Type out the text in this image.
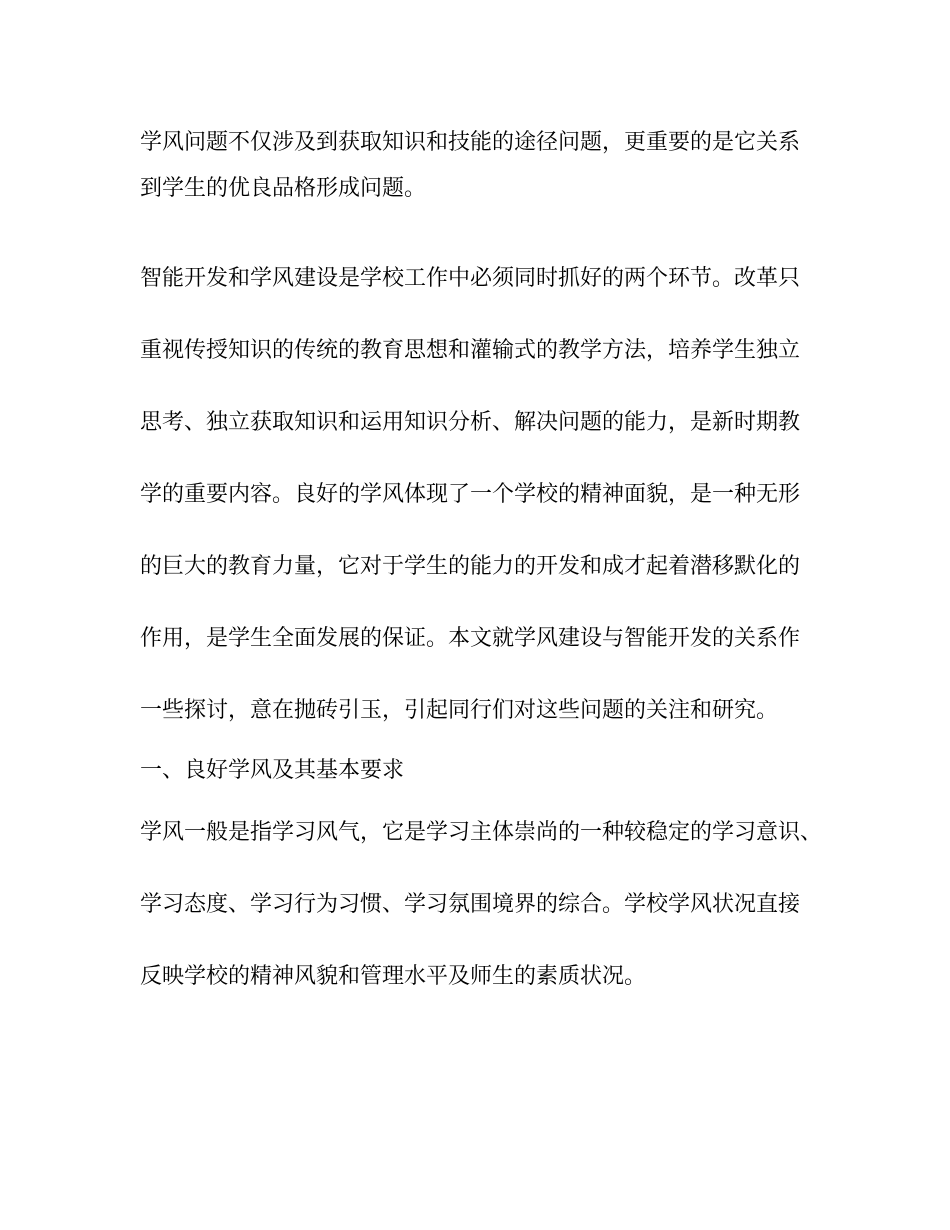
学风问题不仅涉及到获取知识和技能的途径问题，更重要的是它关系
到学生的优良品格形成问题。
智能开发和学风建设是学校工作中必须同时抓好的两个环节。改革只
重视传授知识的传统的教育思想和灌输式的教学方法，培养学生独立
思考、独立获取知识和运用知识分析、解决问题的能力，是新时期教
学的重要内容。良好的学风体现了一个学校的精神面貌，是一种无形
的巨大的教育力量，它对于学生的能力的开发和成才起着潜移默化的
作用，是学生全面发展的保证。本文就学风建设与智能开发的关系作
一些探讨，意在抛砖引玉，引起同行们对这些问题的关注和研究。
一、良好学风及其基本要求
学风一般是指学习风气，它是学习主体崇尚的一种较稳定的学习意识、
学习态度、学习行为习惯、学习氛围境界的综合。学校学风状况直接
反映学校的精神风貌和管理水平及师生的素质状况。
